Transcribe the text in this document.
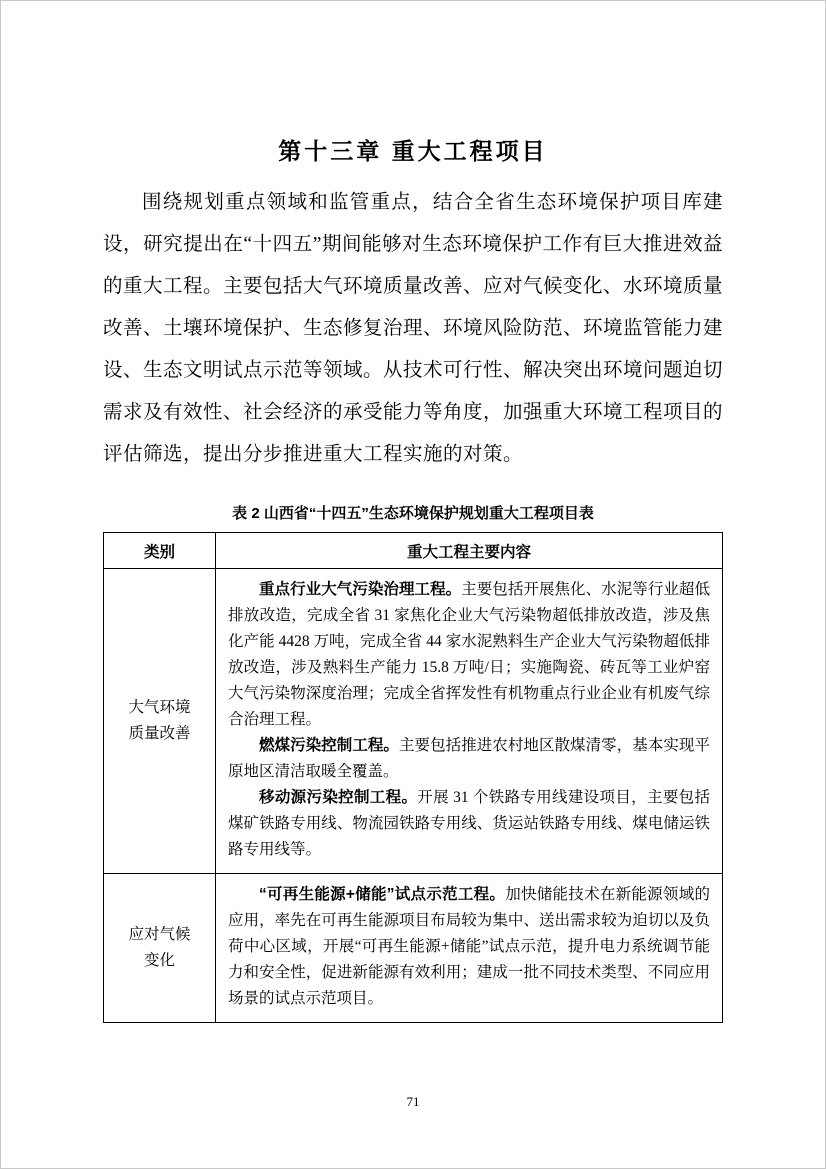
第十三章 重大工程项目

围绕规划重点领域和监管重点，结合全省生态环境保护项目库建设，研究提出在“十四五”期间能够对生态环境保护工作有巨大推进效益的重大工程。主要包括大气环境质量改善、应对气候变化、水环境质量改善、土壤环境保护、生态修复治理、环境风险防范、环境监管能力建设、生态文明试点示范等领域。从技术可行性、解决突出环境问题迫切需求及有效性、社会经济的承受能力等角度，加强重大环境工程项目的评估筛选，提出分步推进重大工程实施的对策。

表 2 山西省“十四五”生态环境保护规划重大工程项目表
类别	重大工程主要内容
大气环境质量改善	重点行业大气污染治理工程。主要包括开展焦化、水泥等行业超低排放改造，完成全省 31 家焦化企业大气污染物超低排放改造，涉及焦化产能 4428 万吨，完成全省 44 家水泥熟料生产企业大气污染物超低排放改造，涉及熟料生产能力 15.8 万吨/日；实施陶瓷、砖瓦等工业炉窑大气污染物深度治理；完成全省挥发性有机物重点行业企业有机废气综合治理工程。

燃煤污染控制工程。主要包括推进农村地区散煤清零，基本实现平原地区清洁取暖全覆盖。

移动源污染控制工程。开展 31 个铁路专用线建设项目，主要包括煤矿铁路专用线、物流园铁路专用线、货运站铁路专用线、煤电储运铁路专用线等。

应对气候变化	“可再生能源+储能”试点示范工程。加快储能技术在新能源领域的应用，率先在可再生能源项目布局较为集中、送出需求较为迫切以及负荷中心区域，开展“可再生能源+储能”试点示范，提升电力系统调节能力和安全性，促进新能源有效利用；建成一批不同技术类型、不同应用场景的试点示范项目。

71
